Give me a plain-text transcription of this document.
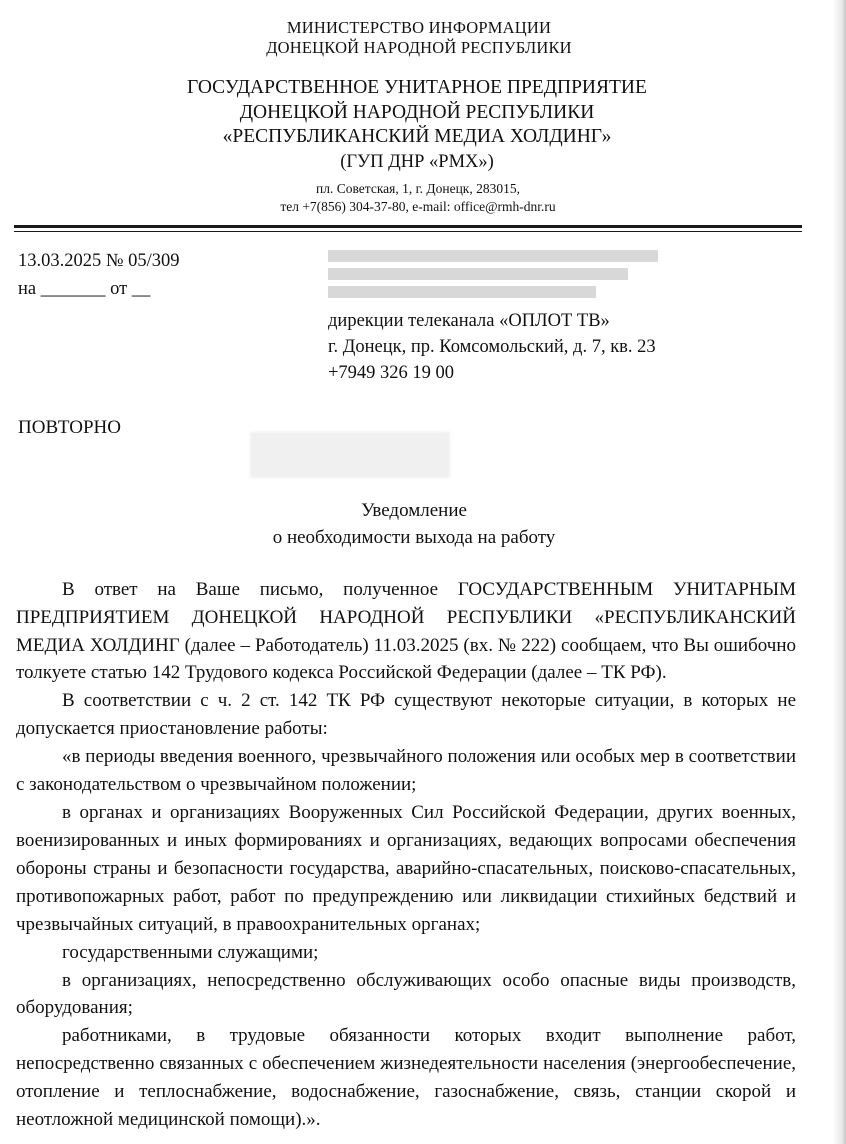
МИНИСТЕРСТВО ИНФОРМАЦИИ
ДОНЕЦКОЙ НАРОДНОЙ РЕСПУБЛИКИ
ГОСУДАРСТВЕННОЕ УНИТАРНОЕ ПРЕДПРИЯТИЕ
ДОНЕЦКОЙ НАРОДНОЙ РЕСПУБЛИКИ
«РЕСПУБЛИКАНСКИЙ МЕДИА ХОЛДИНГ»
(ГУП ДНР «РМХ»)
пл. Советская, 1, г. Донецк, 283015,
тел +7(856) 304-37-80, e-mail: office@rmh-dnr.ru
13.03.2025 № 05/309
на _______ от __
дирекции телеканала «ОПЛОТ ТВ»
г. Донецк, пр. Комсомольский, д. 7, кв. 23
+7949 326 19 00
ПОВТОРНО
Уведомление
о необходимости выхода на работу

В ответ на Ваше письмо, полученное ГОСУДАРСТВЕННЫМ УНИТАРНЫМ ПРЕДПРИЯТИЕМ ДОНЕЦКОЙ НАРОДНОЙ РЕСПУБЛИКИ «РЕСПУБЛИКАНСКИЙ МЕДИА ХОЛДИНГ (далее – Работодатель) 11.03.2025 (вх. № 222) сообщаем, что Вы ошибочно толкуете статью 142 Трудового кодекса Российской Федерации (далее – ТК РФ).

В соответствии с ч. 2 ст. 142 ТК РФ существуют некоторые ситуации, в которых не допускается приостановление работы:

«в периоды введения военного, чрезвычайного положения или особых мер в соответствии с законодательством о чрезвычайном положении;

в органах и организациях Вооруженных Сил Российской Федерации, других военных, военизированных и иных формированиях и организациях, ведающих вопросами обеспечения обороны страны и безопасности государства, аварийно-спасательных, поисково-спасательных, противопожарных работ, работ по предупреждению или ликвидации стихийных бедствий и чрезвычайных ситуаций, в правоохранительных органах;

государственными служащими;

в организациях, непосредственно обслуживающих особо опасные виды производств, оборудования;

работниками, в трудовые обязанности которых входит выполнение работ, непосредственно связанных с обеспечением жизнедеятельности населения (энергообеспечение, отопление и теплоснабжение, водоснабжение, газоснабжение, связь, станции скорой и неотложной медицинской помощи).».
